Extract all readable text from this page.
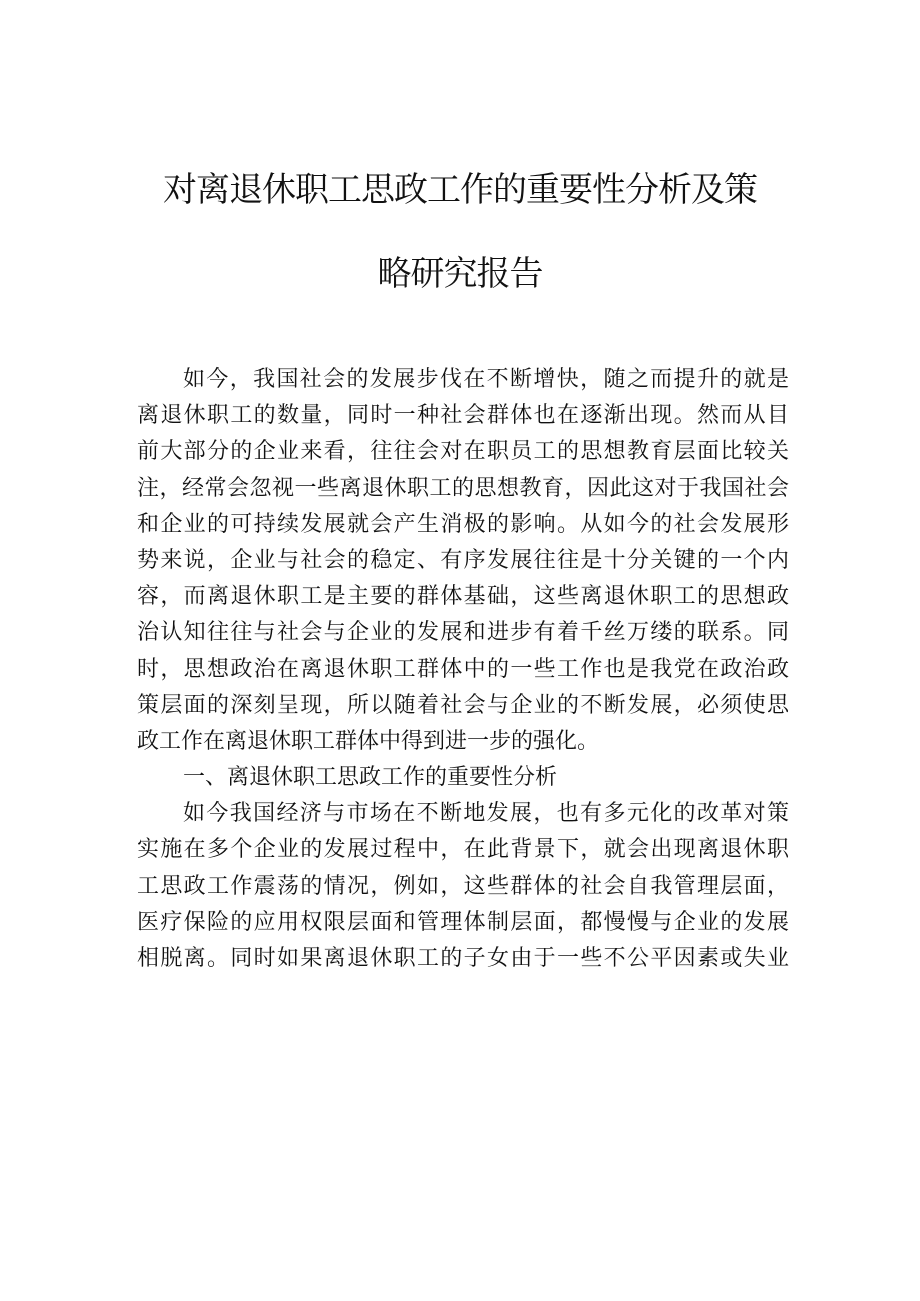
对离退休职工思政工作的重要性分析及策
略研究报告

如今，我国社会的发展步伐在不断增快，随之而提升的就是

离退休职工的数量，同时一种社会群体也在逐渐出现。然而从目

前大部分的企业来看，往往会对在职员工的思想教育层面比较关

注，经常会忽视一些离退休职工的思想教育，因此这对于我国社会

和企业的可持续发展就会产生消极的影响。从如今的社会发展形

势来说，企业与社会的稳定、有序发展往往是十分关键的一个内

容，而离退休职工是主要的群体基础，这些离退休职工的思想政

治认知往往与社会与企业的发展和进步有着千丝万缕的联系。同

时，思想政治在离退休职工群体中的一些工作也是我党在政治政

策层面的深刻呈现，所以随着社会与企业的不断发展，必须使思

政工作在离退休职工群体中得到进一步的强化。

一、离退休职工思政工作的重要性分析

如今我国经济与市场在不断地发展，也有多元化的改革对策

实施在多个企业的发展过程中，在此背景下，就会出现离退休职

工思政工作震荡的情况，例如，这些群体的社会自我管理层面，

医疗保险的应用权限层面和管理体制层面，都慢慢与企业的发展

相脱离。同时如果离退休职工的子女由于一些不公平因素或失业
